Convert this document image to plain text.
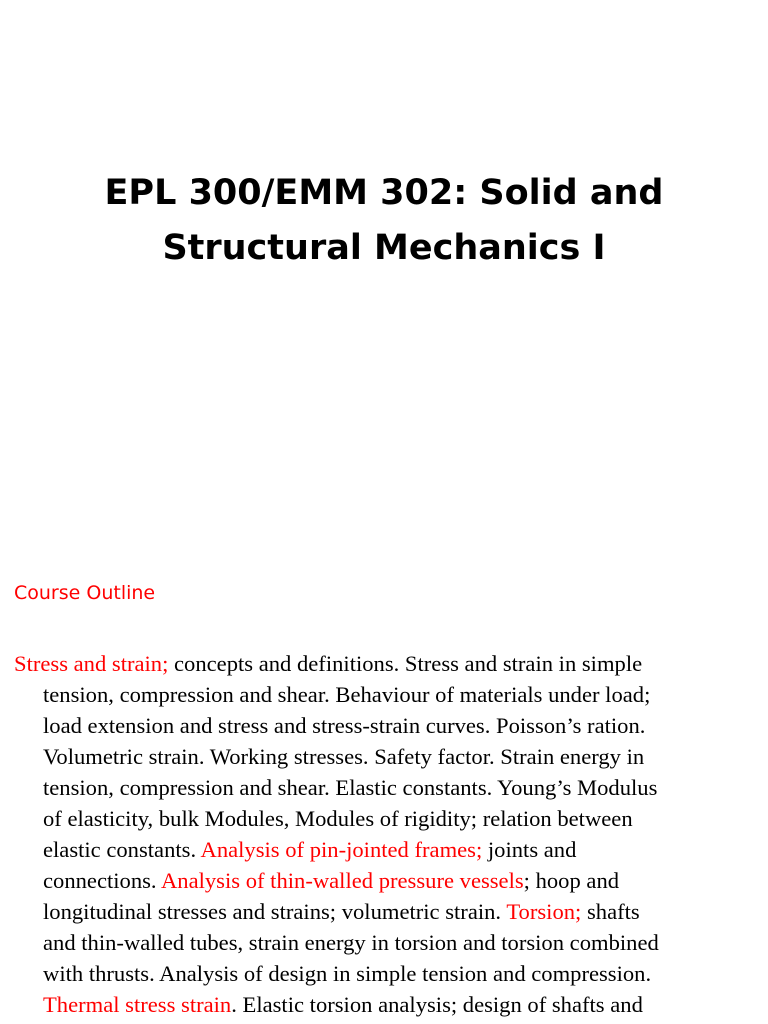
EPL 300/EMM 302: Solid and
Structural Mechanics I
Course Outline
Stress and strain; concepts and definitions. Stress and strain in simple
tension, compression and shear. Behaviour of materials under load;
load extension and stress and stress-strain curves. Poisson’s ration.
Volumetric strain. Working stresses. Safety factor. Strain energy in
tension, compression and shear. Elastic constants. Young’s Modulus
of elasticity, bulk Modules, Modules of rigidity; relation between
elastic constants. Analysis of pin-jointed frames; joints and
connections. Analysis of thin-walled pressure vessels; hoop and
longitudinal stresses and strains; volumetric strain. Torsion; shafts
and thin-walled tubes, strain energy in torsion and torsion combined
with thrusts. Analysis of design in simple tension and compression.
Thermal stress strain. Elastic torsion analysis; design of shafts and
